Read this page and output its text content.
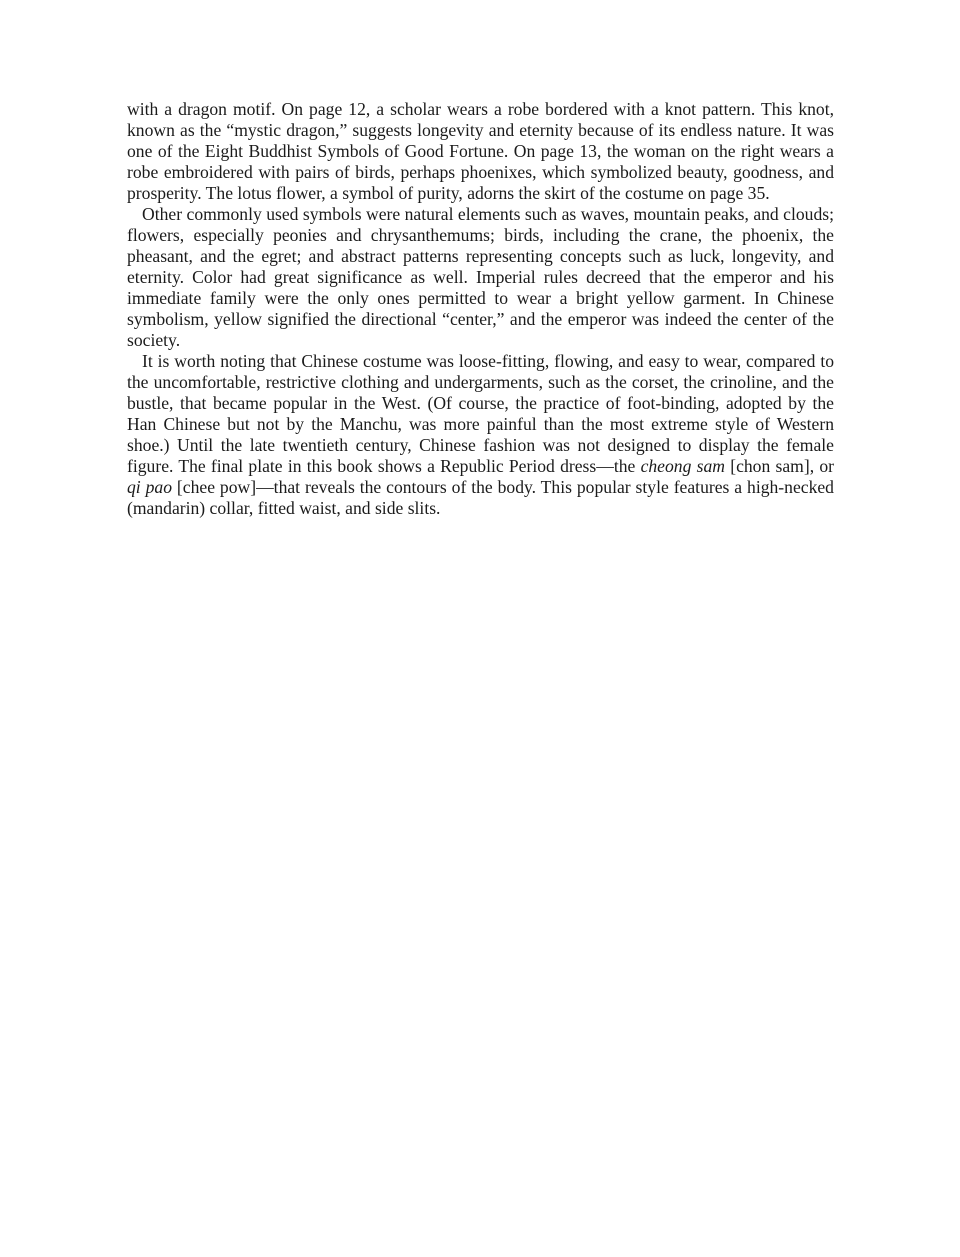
with a dragon motif. On page 12, a scholar wears a robe bordered with a knot pattern. This knot, known as the “mystic dragon,” suggests longevity and eternity because of its endless nature. It was one of the Eight Buddhist Symbols of Good Fortune. On page 13, the woman on the right wears a robe embroidered with pairs of birds, perhaps phoenixes, which symbolized beauty, goodness, and prosperity. The lotus flower, a symbol of purity, adorns the skirt of the costume on page 35.

Other commonly used symbols were natural elements such as waves, mountain peaks, and clouds; flowers, especially peonies and chrysanthemums; birds, including the crane, the phoenix, the pheasant, and the egret; and abstract patterns representing concepts such as luck, longevity, and eternity. Color had great significance as well. Imperial rules decreed that the emperor and his immediate family were the only ones permitted to wear a bright yellow garment. In Chinese symbolism, yellow signified the directional “center,” and the emperor was indeed the center of the society.

It is worth noting that Chinese costume was loose-fitting, flowing, and easy to wear, compared to the uncomfortable, restrictive clothing and undergarments, such as the corset, the crinoline, and the bustle, that became popular in the West. (Of course, the practice of foot-binding, adopted by the Han Chinese but not by the Manchu, was more painful than the most extreme style of Western shoe.) Until the late twentieth century, Chinese fashion was not designed to display the female figure. The final plate in this book shows a Republic Period dress—the cheong sam [chon sam], or qi pao [chee pow]—that reveals the contours of the body. This popular style features a high-necked (mandarin) collar, fitted waist, and side slits.
